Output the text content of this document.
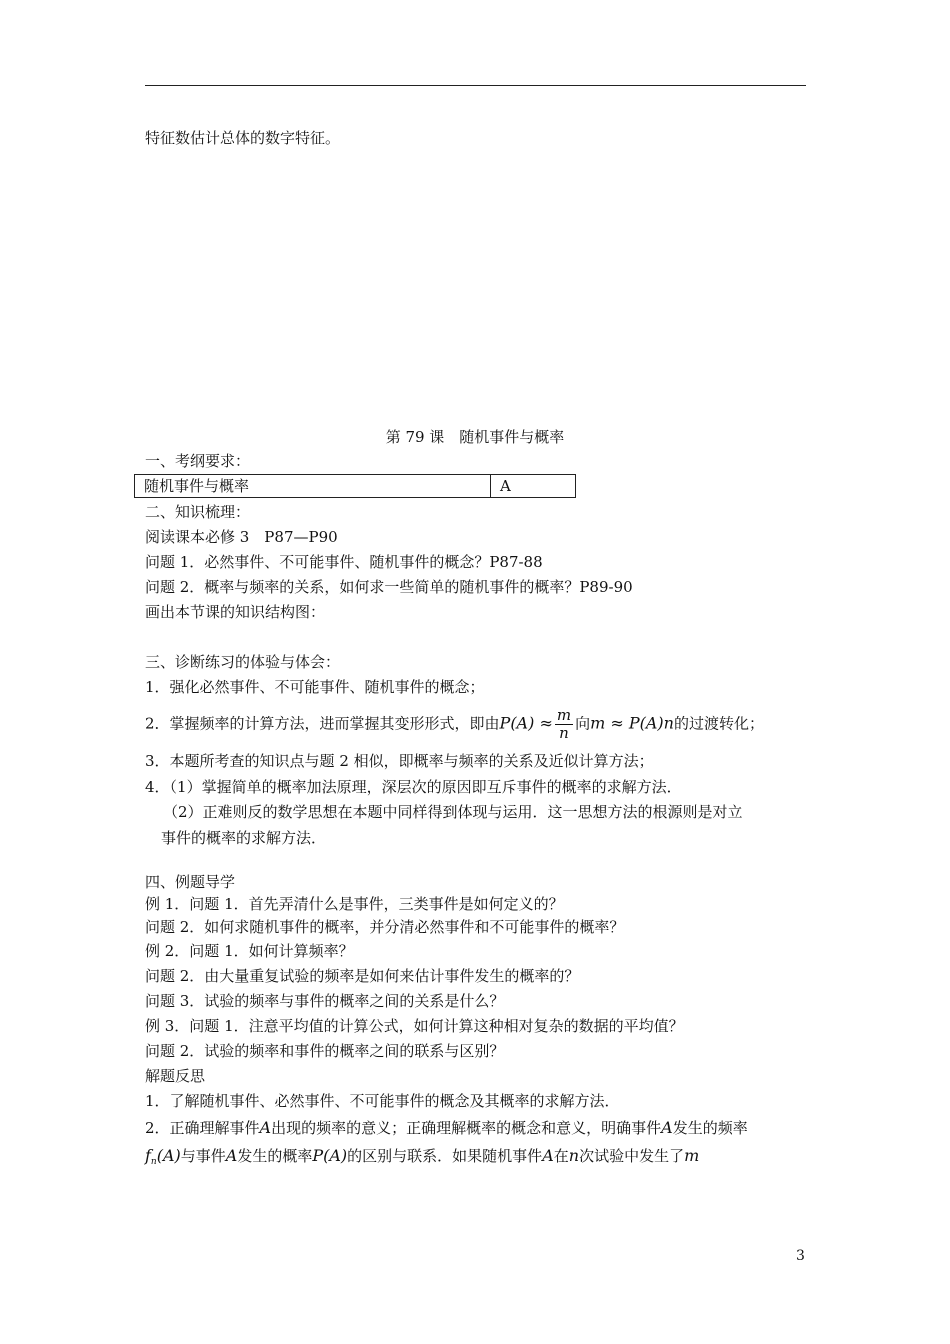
特征数估计总体的数字特征。
第 79 课　随机事件与概率
一、考纲要求：
随机事件与概率	A
二、知识梳理：
阅读课本必修 3　P87—P90
问题 1．必然事件、不可能事件、随机事件的概念？P87-88
问题 2．概率与频率的关系，如何求一些简单的随机事件的概率？P89-90
画出本节课的知识结构图：
三、诊断练习的体验与体会：
1．强化必然事件、不可能事件、随机事件的概念；
2．掌握频率的计算方法，进而掌握其变形形式，即由$P(A) \approx \frac{m}{n}$ 向m ≈ P(A)n的过渡转化；
3．本题所考查的知识点与题 2 相似，即概率与频率的关系及近似计算方法；
4．（1）掌握简单的概率加法原理，深层次的原因即互斥事件的概率的求解方法．
（2）正难则反的数学思想在本题中同样得到体现与运用．这一思想方法的根源则是对立
事件的概率的求解方法．
四、例题导学
例 1．问题 1．首先弄清什么是事件，三类事件是如何定义的？
问题 2．如何求随机事件的概率，并分清必然事件和不可能事件的概率？
例 2．问题 1．如何计算频率？
问题 2．由大量重复试验的频率是如何来估计事件发生的概率的？
问题 3．试验的频率与事件的概率之间的关系是什么？
例 3．问题 1．注意平均值的计算公式，如何计算这种相对复杂的数据的平均值？
问题 2．试验的频率和事件的概率之间的联系与区别？
解题反思
1．了解随机事件、必然事件、不可能事件的概念及其概率的求解方法．
2．正确理解事件A出现的频率的意义；正确理解概率的概念和意义，明确事件A发生的频率
$f_n(A)$与事件A发生的概率P(A)的区别与联系．如果随机事件A在n次试验中发生了m
3
